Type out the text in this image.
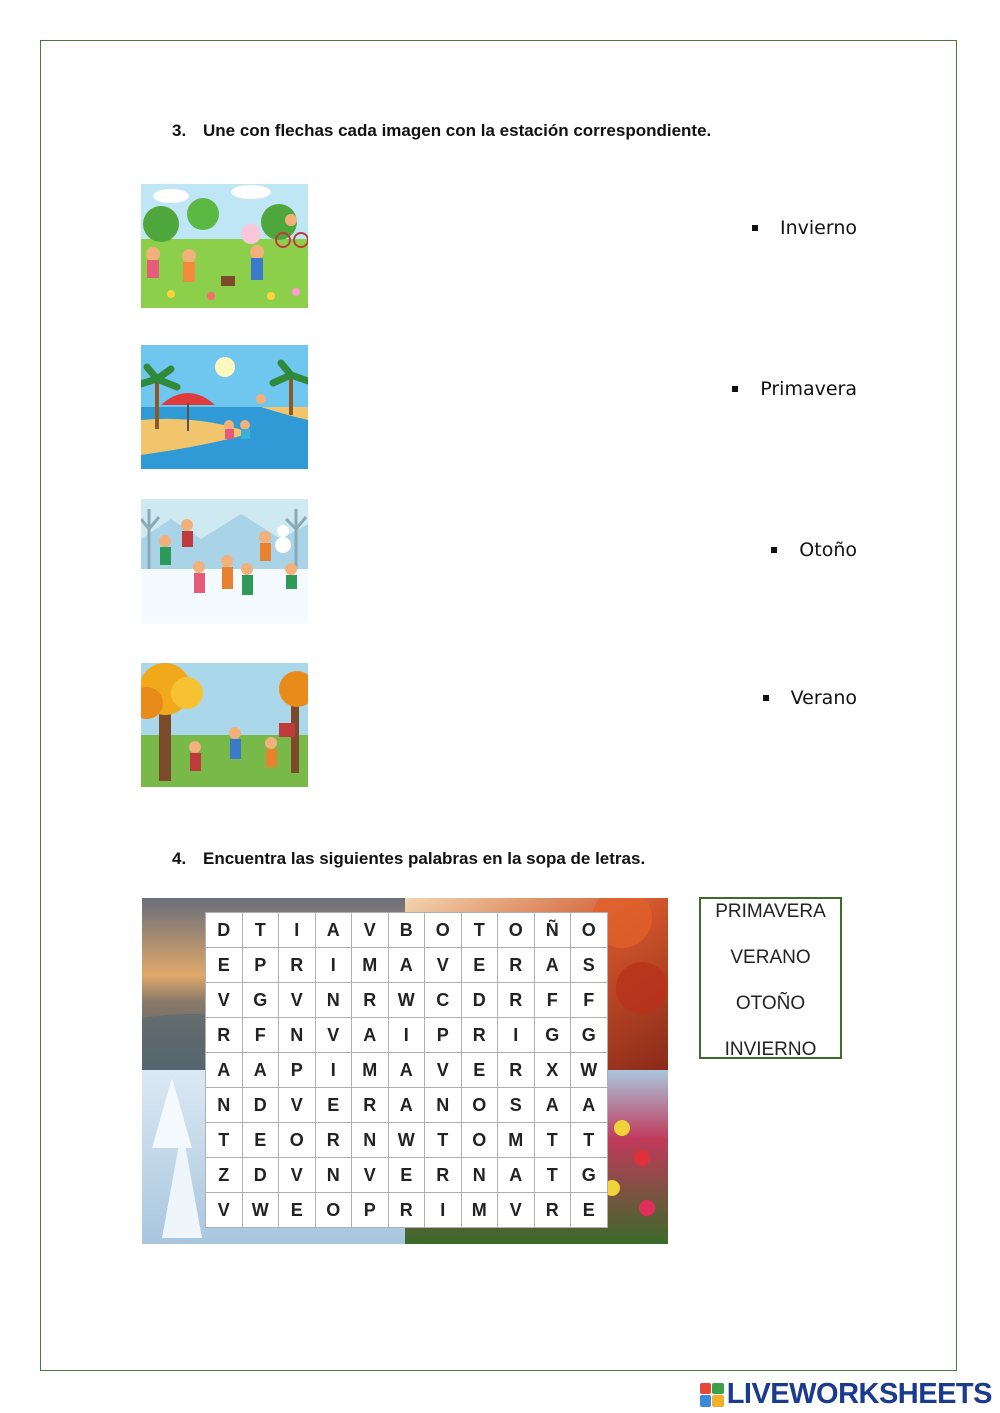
3. Une con flechas cada imagen con la estación correspondiente.
Invierno
Primavera
Otoño
Verano
4. Encuentra las siguientes palabras en la sopa de letras.
D	T	I	A	V	B	O	T	O	Ñ	O
E	P	R	I	M	A	V	E	R	A	S
V	G	V	N	R	W	C	D	R	F	F
R	F	N	V	A	I	P	R	I	G	G
A	A	P	I	M	A	V	E	R	X	W
N	D	V	E	R	A	N	O	S	A	A
T	E	O	R	N	W	T	O	M	T	T
Z	D	V	N	V	E	R	N	A	T	G
V	W	E	O	P	R	I	M	V	R	E
PRIMAVERA
VERANO
OTOÑO
INVIERNO
LIVEWORKSHEETS
